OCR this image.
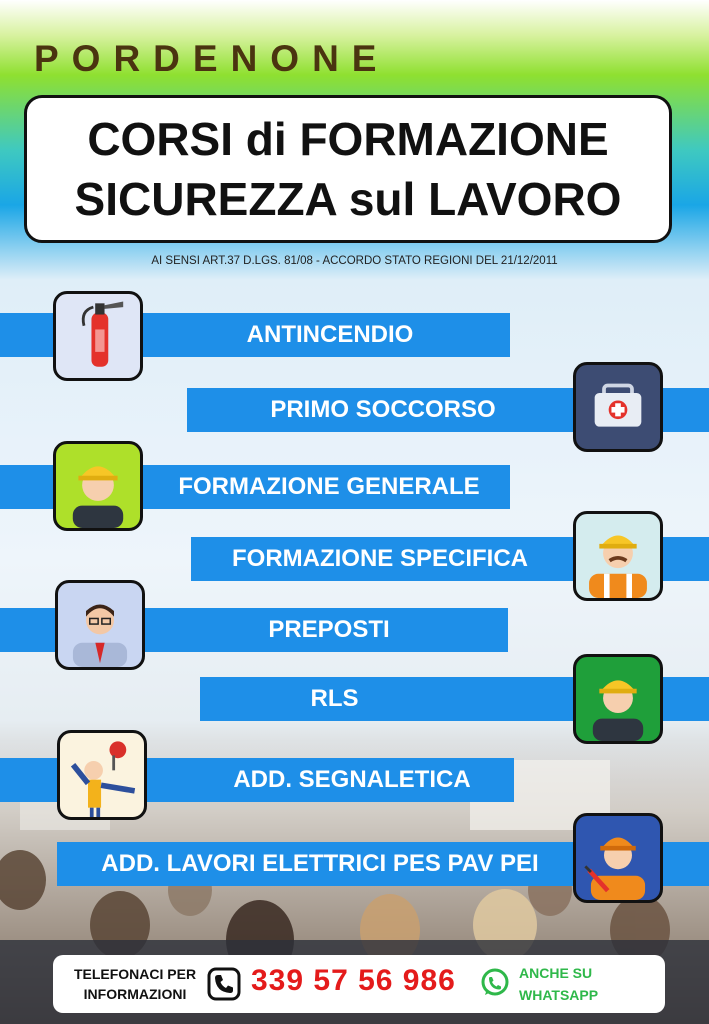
PORDENONE
CORSI di FORMAZIONE
SICUREZZA sul LAVORO
AI SENSI ART.37 D.LGS. 81/08 - ACCORDO STATO REGIONI DEL 21/12/2011
ANTINCENDIO
PRIMO SOCCORSO
FORMAZIONE GENERALE
FORMAZIONE SPECIFICA
PREPOSTI
RLS
ADD. SEGNALETICA
ADD. LAVORI ELETTRICI PES PAV PEI
TELEFONACI PER
INFORMAZIONI	339 57 56 986	ANCHE SU
WHATSAPP
